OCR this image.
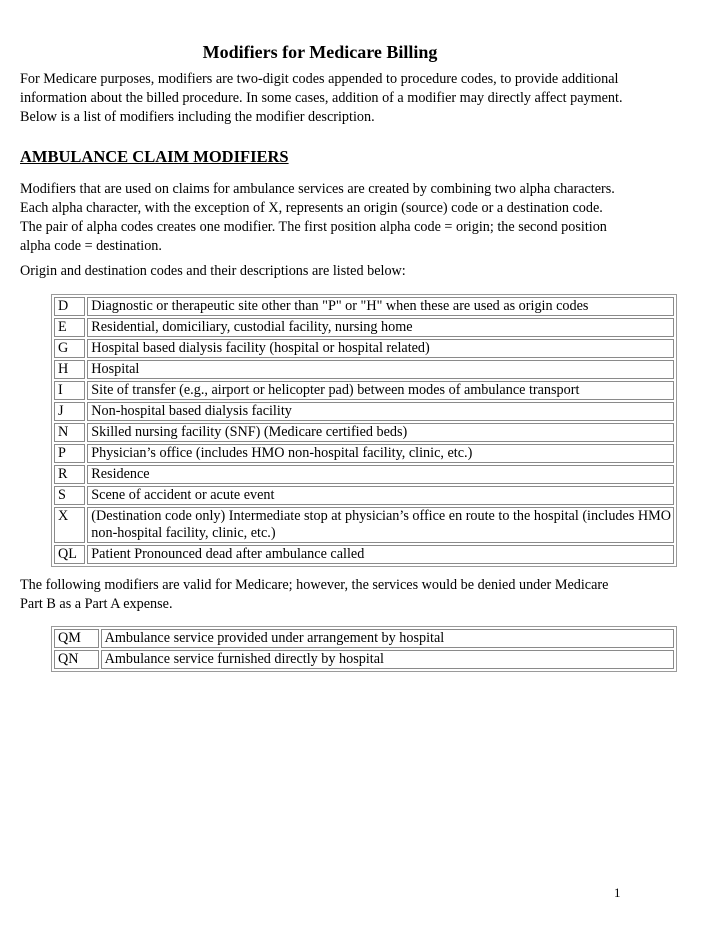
Modifiers for Medicare Billing
For Medicare purposes, modifiers are two-digit codes appended to procedure codes, to provide additional
information about the billed procedure. In some cases, addition of a modifier may directly affect payment.
Below is a list of modifiers including the modifier description.
AMBULANCE CLAIM MODIFIERS
Modifiers that are used on claims for ambulance services are created by combining two alpha characters.
Each alpha character, with the exception of X, represents an origin (source) code or a destination code.
The pair of alpha codes creates one modifier. The first position alpha code = origin; the second position
alpha code = destination.
Origin and destination codes and their descriptions are listed below:
D	Diagnostic or therapeutic site other than "P" or "H" when these are used as origin codes
E	Residential, domiciliary, custodial facility, nursing home
G	Hospital based dialysis facility (hospital or hospital related)
H	Hospital
I	Site of transfer (e.g., airport or helicopter pad) between modes of ambulance transport
J	Non-hospital based dialysis facility
N	Skilled nursing facility (SNF) (Medicare certified beds)
P	Physician’s office (includes HMO non-hospital facility, clinic, etc.)
R	Residence
S	Scene of accident or acute event
X	(Destination code only) Intermediate stop at physician’s office en route to the hospital (includes HMO
non-hospital facility, clinic, etc.)

QL	Patient Pronounced dead after ambulance called
The following modifiers are valid for Medicare; however, the services would be denied under Medicare
Part B as a Part A expense.
QM	Ambulance service provided under arrangement by hospital
QN	Ambulance service furnished directly by hospital
1
